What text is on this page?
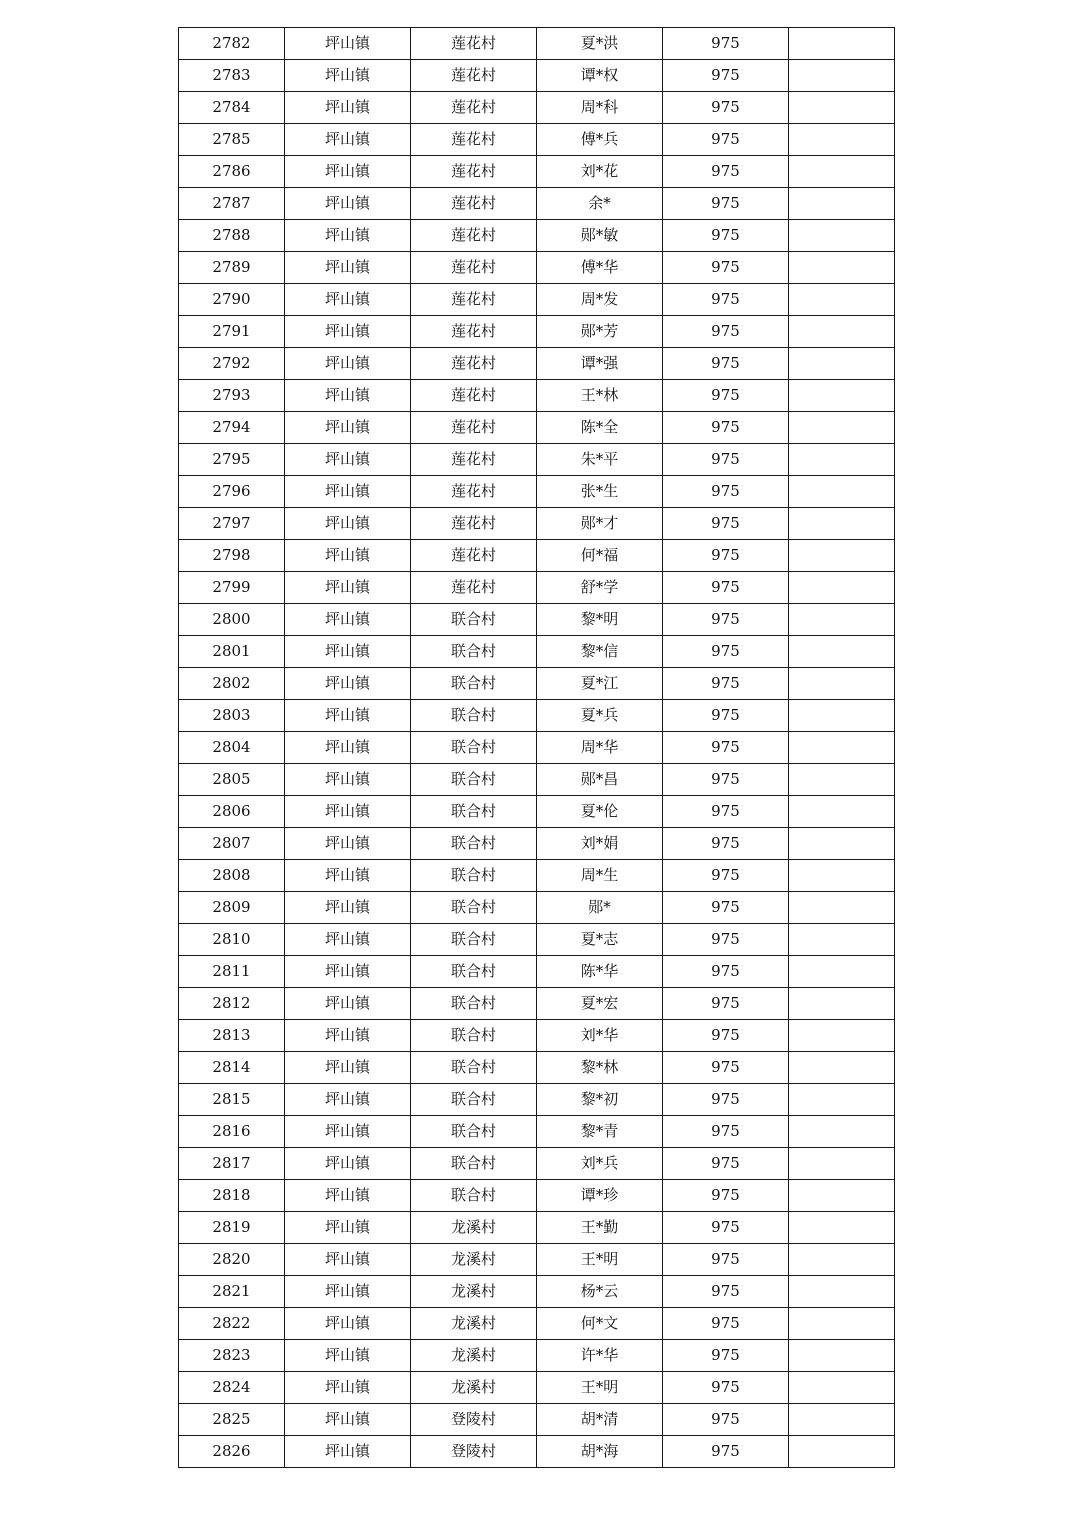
2782	坪山镇	莲花村	夏*洪	975	
2783	坪山镇	莲花村	谭*权	975	
2784	坪山镇	莲花村	周*科	975	
2785	坪山镇	莲花村	傅*兵	975	
2786	坪山镇	莲花村	刘*花	975	
2787	坪山镇	莲花村	余*	975	
2788	坪山镇	莲花村	郧*敏	975	
2789	坪山镇	莲花村	傅*华	975	
2790	坪山镇	莲花村	周*发	975	
2791	坪山镇	莲花村	郧*芳	975	
2792	坪山镇	莲花村	谭*强	975	
2793	坪山镇	莲花村	王*林	975	
2794	坪山镇	莲花村	陈*全	975	
2795	坪山镇	莲花村	朱*平	975	
2796	坪山镇	莲花村	张*生	975	
2797	坪山镇	莲花村	郧*才	975	
2798	坪山镇	莲花村	何*福	975	
2799	坪山镇	莲花村	舒*学	975	
2800	坪山镇	联合村	黎*明	975	
2801	坪山镇	联合村	黎*信	975	
2802	坪山镇	联合村	夏*江	975	
2803	坪山镇	联合村	夏*兵	975	
2804	坪山镇	联合村	周*华	975	
2805	坪山镇	联合村	郧*昌	975	
2806	坪山镇	联合村	夏*伦	975	
2807	坪山镇	联合村	刘*娟	975	
2808	坪山镇	联合村	周*生	975	
2809	坪山镇	联合村	郧*	975	
2810	坪山镇	联合村	夏*志	975	
2811	坪山镇	联合村	陈*华	975	
2812	坪山镇	联合村	夏*宏	975	
2813	坪山镇	联合村	刘*华	975	
2814	坪山镇	联合村	黎*林	975	
2815	坪山镇	联合村	黎*初	975	
2816	坪山镇	联合村	黎*青	975	
2817	坪山镇	联合村	刘*兵	975	
2818	坪山镇	联合村	谭*珍	975	
2819	坪山镇	龙溪村	王*勤	975	
2820	坪山镇	龙溪村	王*明	975	
2821	坪山镇	龙溪村	杨*云	975	
2822	坪山镇	龙溪村	何*文	975	
2823	坪山镇	龙溪村	许*华	975	
2824	坪山镇	龙溪村	王*明	975	
2825	坪山镇	登陵村	胡*清	975	
2826	坪山镇	登陵村	胡*海	975	
